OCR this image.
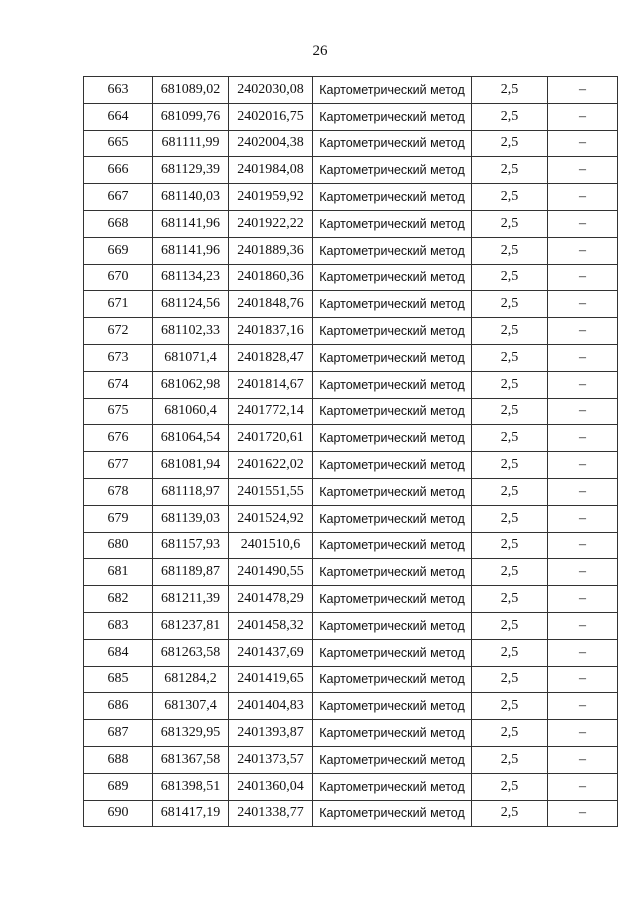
26
663	681089,02	2402030,08	Картометрический метод	2,5	–
664	681099,76	2402016,75	Картометрический метод	2,5	–
665	681111,99	2402004,38	Картометрический метод	2,5	–
666	681129,39	2401984,08	Картометрический метод	2,5	–
667	681140,03	2401959,92	Картометрический метод	2,5	–
668	681141,96	2401922,22	Картометрический метод	2,5	–
669	681141,96	2401889,36	Картометрический метод	2,5	–
670	681134,23	2401860,36	Картометрический метод	2,5	–
671	681124,56	2401848,76	Картометрический метод	2,5	–
672	681102,33	2401837,16	Картометрический метод	2,5	–
673	681071,4	2401828,47	Картометрический метод	2,5	–
674	681062,98	2401814,67	Картометрический метод	2,5	–
675	681060,4	2401772,14	Картометрический метод	2,5	–
676	681064,54	2401720,61	Картометрический метод	2,5	–
677	681081,94	2401622,02	Картометрический метод	2,5	–
678	681118,97	2401551,55	Картометрический метод	2,5	–
679	681139,03	2401524,92	Картометрический метод	2,5	–
680	681157,93	2401510,6	Картометрический метод	2,5	–
681	681189,87	2401490,55	Картометрический метод	2,5	–
682	681211,39	2401478,29	Картометрический метод	2,5	–
683	681237,81	2401458,32	Картометрический метод	2,5	–
684	681263,58	2401437,69	Картометрический метод	2,5	–
685	681284,2	2401419,65	Картометрический метод	2,5	–
686	681307,4	2401404,83	Картометрический метод	2,5	–
687	681329,95	2401393,87	Картометрический метод	2,5	–
688	681367,58	2401373,57	Картометрический метод	2,5	–
689	681398,51	2401360,04	Картометрический метод	2,5	–
690	681417,19	2401338,77	Картометрический метод	2,5	–
